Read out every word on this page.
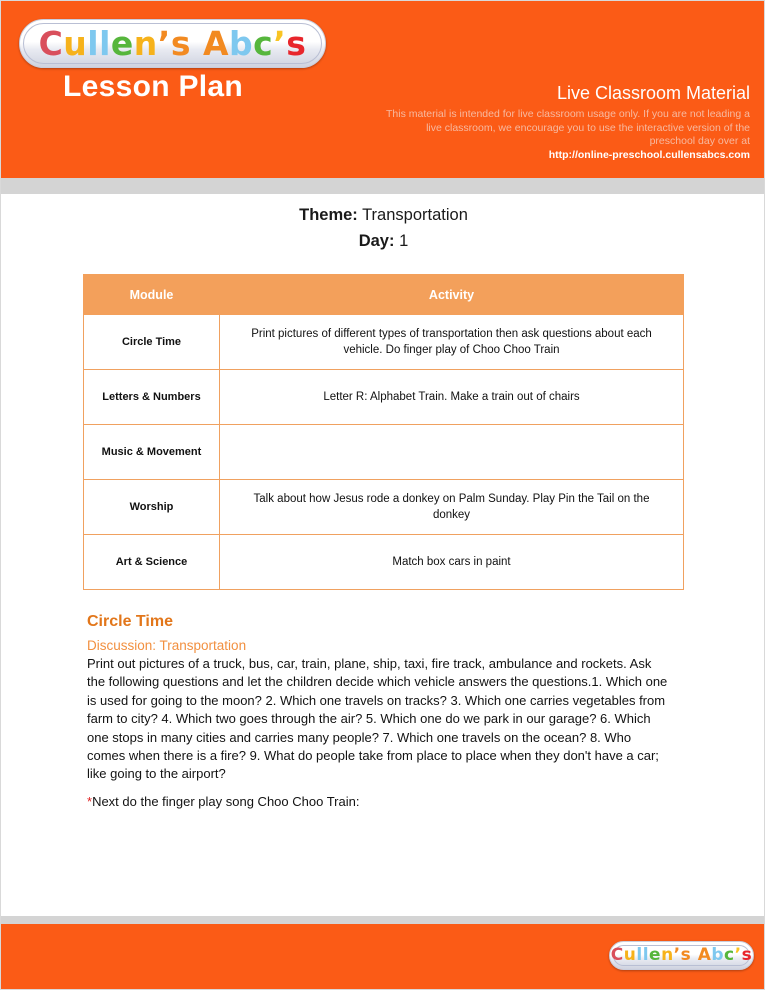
Cullen’s Abc’s
Lesson Plan	Live Classroom Material
This material is intended for live classroom usage only. If you are not leading a live classroom, we encourage you to use the interactive version of the preschool day over at
http://online-preschool.cullensabcs.com
Theme: Transportation
Day: 1
Module	Activity
Circle Time	Print pictures of different types of transportation then ask questions about each vehicle. Do finger play of Choo Choo Train
Letters & Numbers	Letter R: Alphabet Train. Make a train out of chairs
Music & Movement	
Worship	Talk about how Jesus rode a donkey on Palm Sunday. Play Pin the Tail on the donkey
Art & Science	Match box cars in paint
Circle Time
Discussion: Transportation
Print out pictures of a truck, bus, car, train, plane, ship, taxi, fire track, ambulance and rockets. Ask the following questions and let the children decide which vehicle answers the questions.1. Which one is used for going to the moon? 2. Which one travels on tracks? 3. Which one carries vegetables from farm to city? 4. Which two goes through the air? 5. Which one do we park in our garage? 6. Which one stops in many cities and carries many people? 7. Which one travels on the ocean? 8. Who comes when there is a fire? 9. What do people take from place to place when they don't have a car; like going to the airport?
*Next do the finger play song Choo Choo Train:
Cullen’s Abc’s
